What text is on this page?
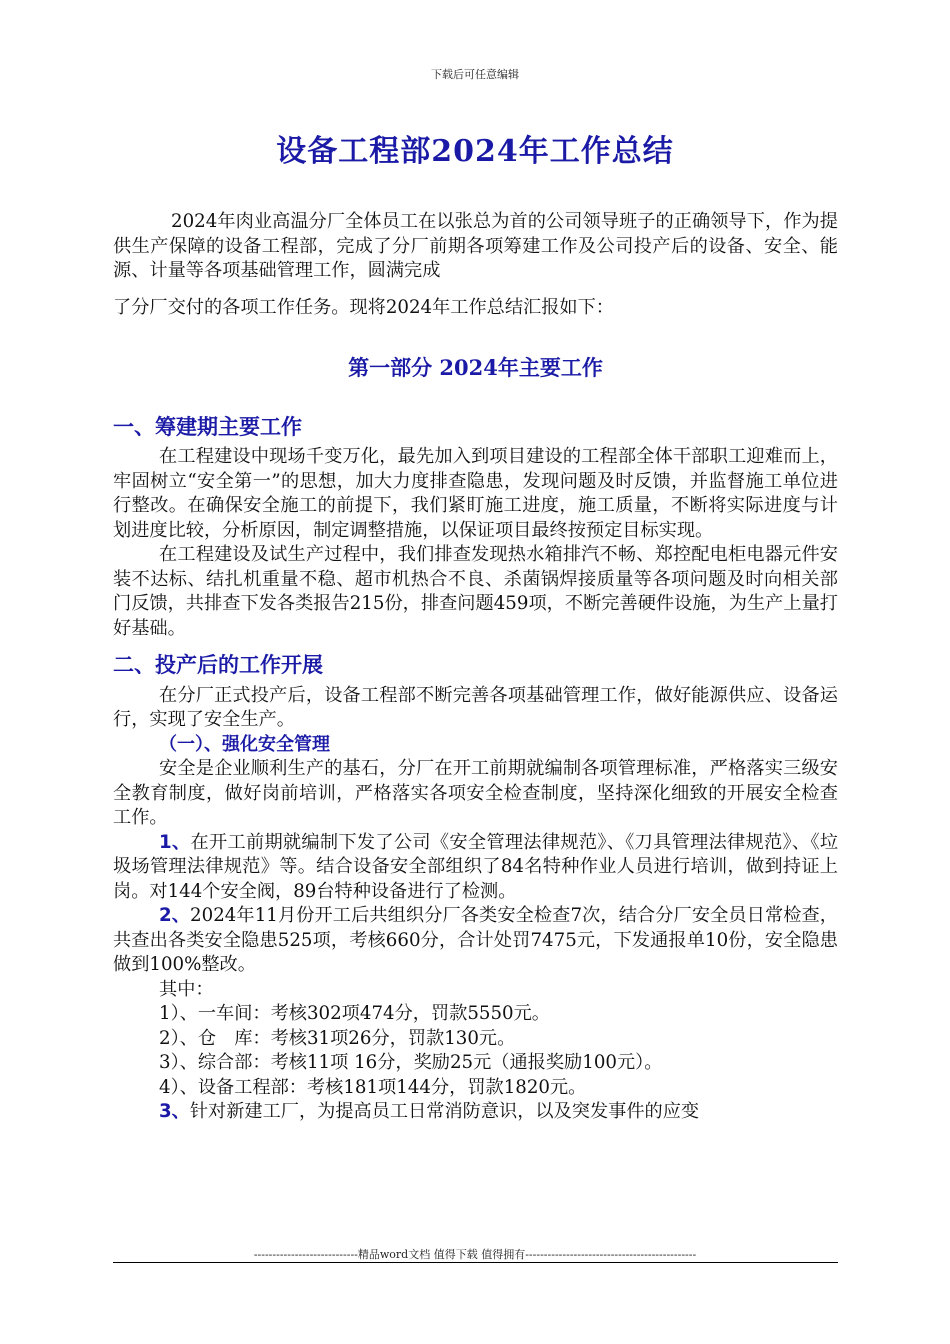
下载后可任意编辑
设备工程部2024年工作总结

2024年肉业高温分厂全体员工在以张总为首的公司领导班子的正确领导下，作为提供生产保障的设备工程部，完成了分厂前期各项筹建工作及公司投产后的设备、安全、能源、计量等各项基础管理工作，圆满完成

了分厂交付的各项工作任务。现将2024年工作总结汇报如下：

第一部分 2024年主要工作
一、筹建期主要工作

在工程建设中现场千变万化，最先加入到项目建设的工程部全体干部职工迎难而上，牢固树立“安全第一”的思想，加大力度排查隐患，发现问题及时反馈，并监督施工单位进行整改。在确保安全施工的前提下，我们紧盯施工进度，施工质量，不断将实际进度与计划进度比较，分析原因，制定调整措施，以保证项目最终按预定目标实现。

在工程建设及试生产过程中，我们排查发现热水箱排汽不畅、郑控配电柜电器元件安装不达标、结扎机重量不稳、超市机热合不良、杀菌锅焊接质量等各项问题及时向相关部门反馈，共排查下发各类报告215份，排查问题459项，不断完善硬件设施，为生产上量打好基础。

二、投产后的工作开展

在分厂正式投产后，设备工程部不断完善各项基础管理工作，做好能源供应、设备运行，实现了安全生产。

（一）、强化安全管理

安全是企业顺利生产的基石，分厂在开工前期就编制各项管理标准，严格落实三级安全教育制度，做好岗前培训，严格落实各项安全检查制度，坚持深化细致的开展安全检查工作。

1、在开工前期就编制下发了公司《安全管理法律规范》、《刀具管理法律规范》、《垃圾场管理法律规范》等。结合设备安全部组织了84名特种作业人员进行培训，做到持证上岗。对144个安全阀，89台特种设备进行了检测。

2、2024年11月份开工后共组织分厂各类安全检查7次，结合分厂安全员日常检查，共查出各类安全隐患525项，考核660分，合计处罚7475元，下发通报单10份，安全隐患做到100%整改。

其中：

1）、一车间：考核302项474分，罚款5550元。

2）、仓　库：考核31项26分，罚款130元。

3）、综合部：考核11项 16分，奖励25元（通报奖励100元）。

4）、设备工程部：考核181项144分，罚款1820元。

3、针对新建工厂，为提高员工日常消防意识，以及突发事件的应变

----------------------------精品word文档 值得下载 值得拥有----------------------------------------------
